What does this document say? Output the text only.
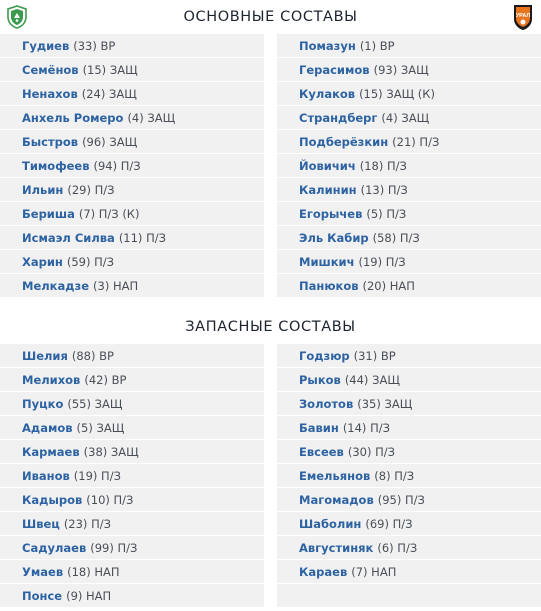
ОСНОВНЫЕ СОСТАВЫ	УРАЛ
Гудиев (33) ВР
Семёнов (15) ЗАЩ
Ненахов (24) ЗАЩ
Анхель Ромеро (4) ЗАЩ
Быстров (96) ЗАЩ
Тимофеев (94) П/З
Ильин (29) П/З
Бериша (7) П/З (К)
Исмаэл Силва (11) П/З
Харин (59) П/З
Мелкадзе (3) НАП
Помазун (1) ВР
Герасимов (93) ЗАЩ
Кулаков (15) ЗАЩ (К)
Страндберг (4) ЗАЩ
Подберёзкин (21) П/З
Йовичич (18) П/З
Калинин (13) П/З
Егорычев (5) П/З
Эль Кабир (58) П/З
Мишкич (19) П/З
Панюков (20) НАП
ЗАПАСНЫЕ СОСТАВЫ
Шелия (88) ВР
Мелихов (42) ВР
Пуцко (55) ЗАЩ
Адамов (5) ЗАЩ
Кармаев (38) ЗАЩ
Иванов (19) П/З
Кадыров (10) П/З
Швец (23) П/З
Садулаев (99) П/З
Умаев (18) НАП
Понсе (9) НАП
Годзюр (31) ВР
Рыков (44) ЗАЩ
Золотов (35) ЗАЩ
Бавин (14) П/З
Евсеев (30) П/З
Емельянов (8) П/З
Магомадов (95) П/З
Шаболин (69) П/З
Августиняк (6) П/З
Караев (7) НАП
